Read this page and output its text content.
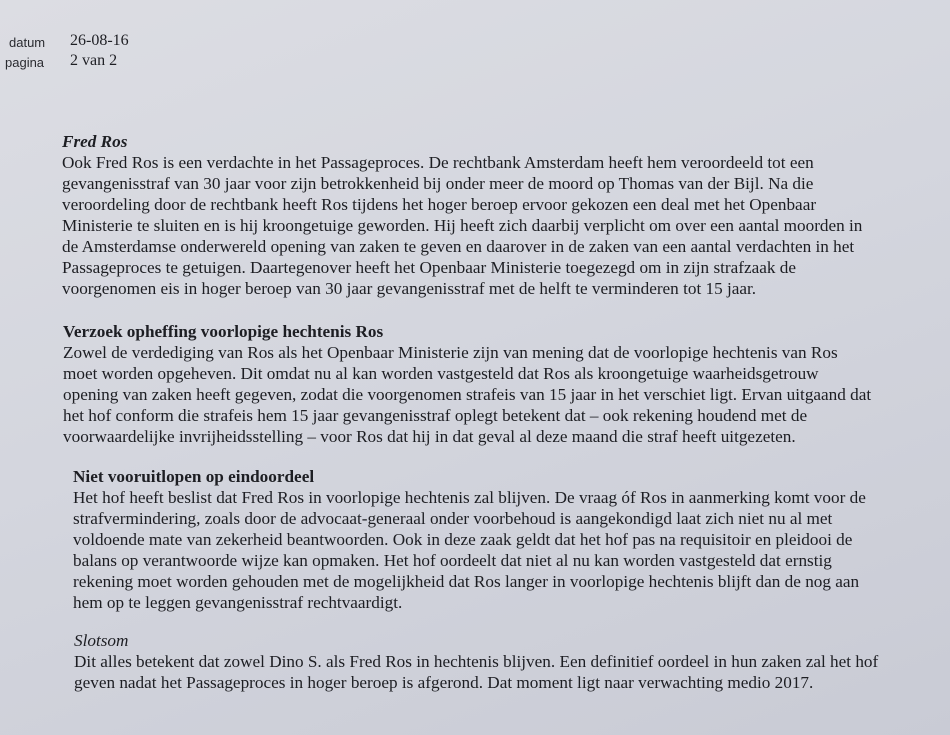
datum 26-08-16
pagina 2 van 2
Fred Ros
Ook Fred Ros is een verdachte in het Passageproces. De rechtbank Amsterdam heeft hem veroordeeld tot een
gevangenisstraf van 30 jaar voor zijn betrokkenheid bij onder meer de moord op Thomas van der Bijl. Na die
veroordeling door de rechtbank heeft Ros tijdens het hoger beroep ervoor gekozen een deal met het Openbaar
Ministerie te sluiten en is hij kroongetuige geworden. Hij heeft zich daarbij verplicht om over een aantal moorden in
de Amsterdamse onderwereld opening van zaken te geven en daarover in de zaken van een aantal verdachten in het
Passageproces te getuigen. Daartegenover heeft het Openbaar Ministerie toegezegd om in zijn strafzaak de
voorgenomen eis in hoger beroep van 30 jaar gevangenisstraf met de helft te verminderen tot 15 jaar.
Verzoek opheffing voorlopige hechtenis Ros
Zowel de verdediging van Ros als het Openbaar Ministerie zijn van mening dat de voorlopige hechtenis van Ros
moet worden opgeheven. Dit omdat nu al kan worden vastgesteld dat Ros als kroongetuige waarheidsgetrouw
opening van zaken heeft gegeven, zodat die voorgenomen strafeis van 15 jaar in het verschiet ligt. Ervan uitgaand dat
het hof conform die strafeis hem 15 jaar gevangenisstraf oplegt betekent dat – ook rekening houdend met de
voorwaardelijke invrijheidsstelling – voor Ros dat hij in dat geval al deze maand die straf heeft uitgezeten.
Niet vooruitlopen op eindoordeel
Het hof heeft beslist dat Fred Ros in voorlopige hechtenis zal blijven. De vraag óf Ros in aanmerking komt voor de
strafvermindering, zoals door de advocaat-generaal onder voorbehoud is aangekondigd laat zich niet nu al met
voldoende mate van zekerheid beantwoorden. Ook in deze zaak geldt dat het hof pas na requisitoir en pleidooi de
balans op verantwoorde wijze kan opmaken. Het hof oordeelt dat niet al nu kan worden vastgesteld dat ernstig
rekening moet worden gehouden met de mogelijkheid dat Ros langer in voorlopige hechtenis blijft dan de nog aan
hem op te leggen gevangenisstraf rechtvaardigt.
Slotsom
Dit alles betekent dat zowel Dino S. als Fred Ros in hechtenis blijven. Een definitief oordeel in hun zaken zal het hof
geven nadat het Passageproces in hoger beroep is afgerond. Dat moment ligt naar verwachting medio 2017.
